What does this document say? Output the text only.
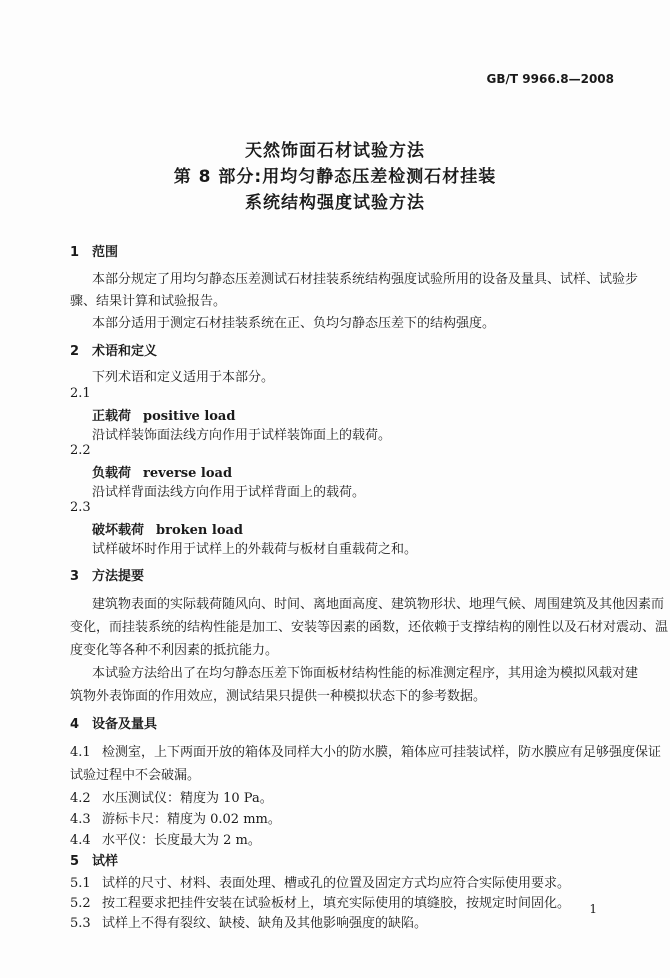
GB/T 9966.8—2008
天然饰面石材试验方法
第 8 部分:用均匀静态压差检测石材挂装
系统结构强度试验方法
1 范围
本部分规定了用均匀静态压差测试石材挂装系统结构强度试验所用的设备及量具、试样、试验步
骤、结果计算和试验报告。
本部分适用于测定石材挂装系统在正、负均匀静态压差下的结构强度。
2 术语和定义
下列术语和定义适用于本部分。
2.1
正载荷 positive load
沿试样装饰面法线方向作用于试样装饰面上的载荷。
2.2
负载荷 reverse load
沿试样背面法线方向作用于试样背面上的载荷。
2.3
破坏载荷 broken load
试样破坏时作用于试样上的外载荷与板材自重载荷之和。
3 方法提要
建筑物表面的实际载荷随风向、时间、离地面高度、建筑物形状、地理气候、周围建筑及其他因素而
变化，而挂装系统的结构性能是加工、安装等因素的函数，还依赖于支撑结构的刚性以及石材对震动、温
度变化等各种不利因素的抵抗能力。
本试验方法给出了在均匀静态压差下饰面板材结构性能的标准测定程序，其用途为模拟风载对建
筑物外表饰面的作用效应，测试结果只提供一种模拟状态下的参考数据。
4 设备及量具
4.1 检测室，上下两面开放的箱体及同样大小的防水膜，箱体应可挂装试样，防水膜应有足够强度保证
试验过程中不会破漏。
4.2 水压测试仪：精度为 10 Pa。
4.3 游标卡尺：精度为 0.02 mm。
4.4 水平仪：长度最大为 2 m。
5 试样
5.1 试样的尺寸、材料、表面处理、槽或孔的位置及固定方式均应符合实际使用要求。
5.2 按工程要求把挂件安装在试验板材上，填充实际使用的填缝胶，按规定时间固化。
5.3 试样上不得有裂纹、缺棱、缺角及其他影响强度的缺陷。
1
